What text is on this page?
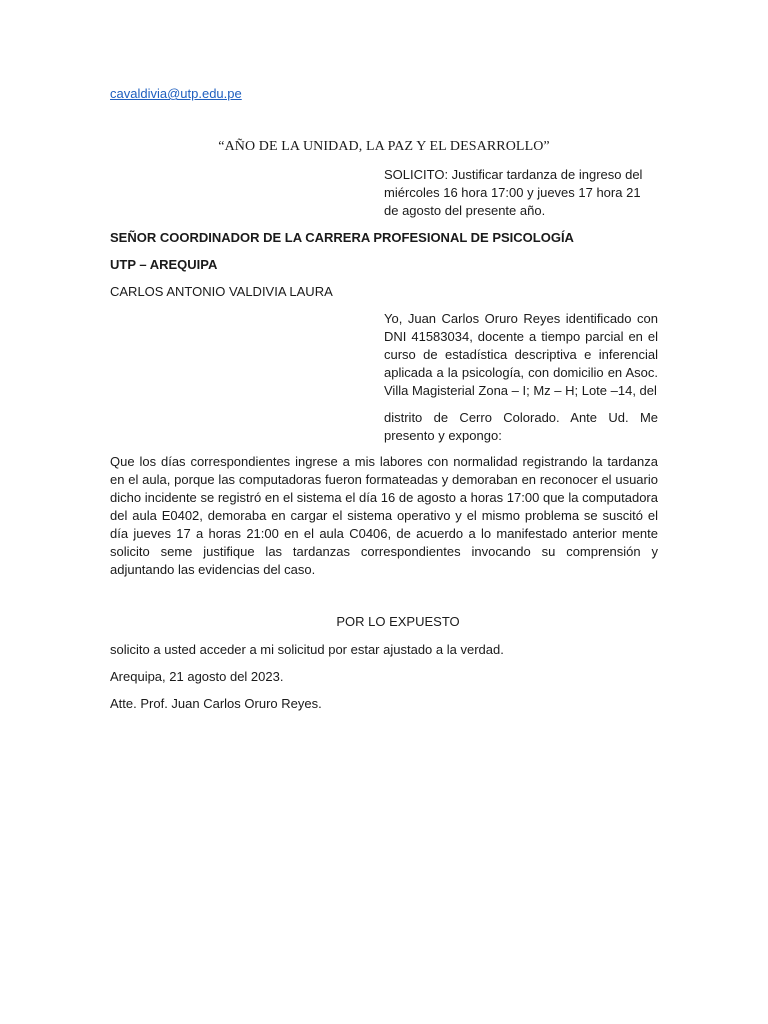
cavaldivia@utp.edu.pe
“AÑO DE LA UNIDAD, LA PAZ Y EL DESARROLLO”
SOLICITO: Justificar tardanza de ingreso del miércoles 16 hora 17:00 y jueves 17 hora 21 de agosto del presente año.
SEÑOR COORDINADOR DE LA CARRERA PROFESIONAL DE PSICOLOGÍA
UTP – AREQUIPA
CARLOS ANTONIO VALDIVIA LAURA
Yo, Juan Carlos Oruro Reyes identificado con DNI 41583034, docente a tiempo parcial en el curso de estadística descriptiva e inferencial aplicada a la psicología, con domicilio en Asoc. Villa Magisterial Zona – I; Mz – H; Lote –14, del
distrito de Cerro Colorado. Ante Ud. Me presento y expongo:
Que los días correspondientes ingrese a mis labores con normalidad registrando la tardanza en el aula, porque las computadoras fueron formateadas y demoraban en reconocer el usuario dicho incidente se registró en el sistema el día 16 de agosto a horas 17:00 que la computadora del aula E0402, demoraba en cargar el sistema operativo y el mismo problema se suscitó el día jueves 17 a horas 21:00 en el aula C0406, de acuerdo a lo manifestado anterior mente solicito seme justifique las tardanzas correspondientes invocando su comprensión y adjuntando las evidencias del caso.
POR LO EXPUESTO
solicito a usted acceder a mi solicitud por estar ajustado a la verdad.
Arequipa, 21 agosto del 2023.
Atte. Prof. Juan Carlos Oruro Reyes.
